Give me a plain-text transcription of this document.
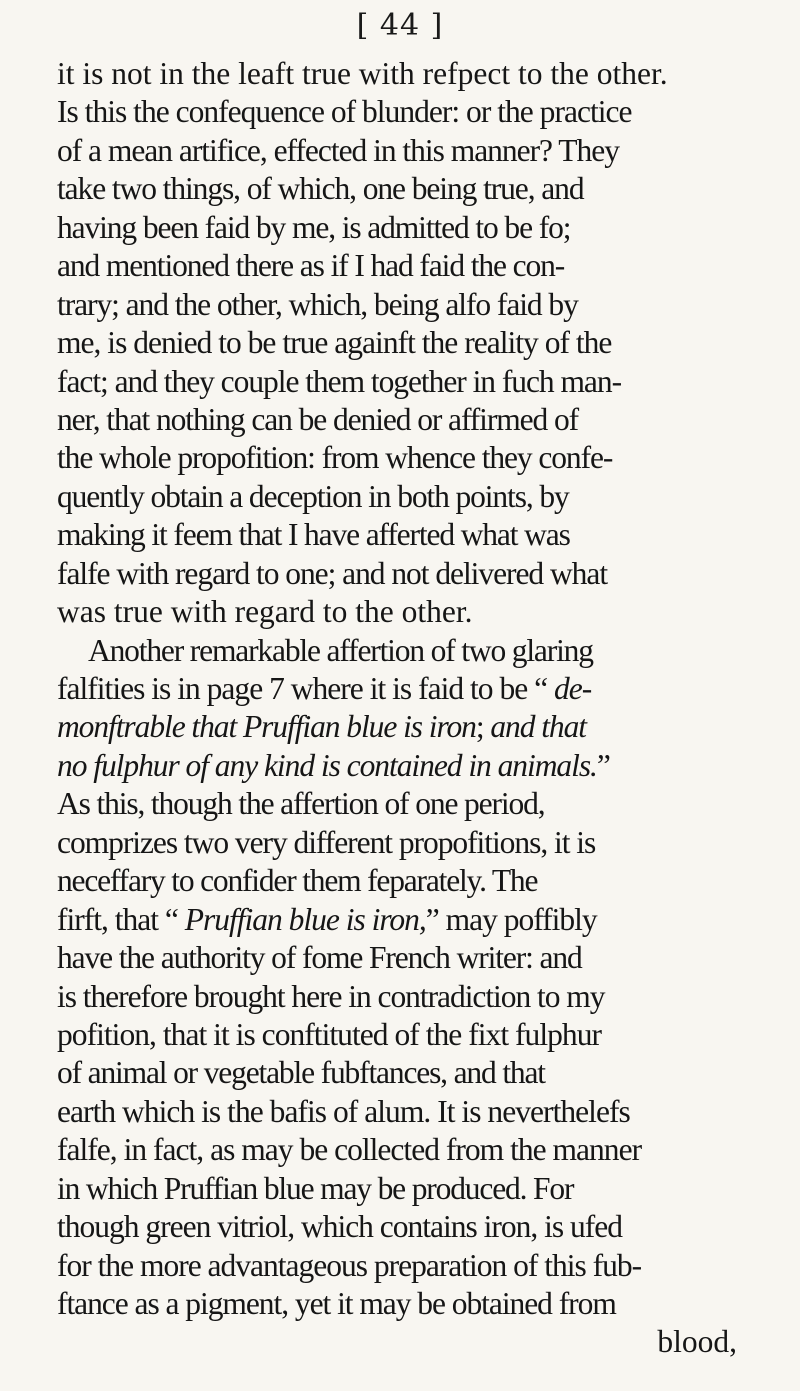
[ 44 ]
it is not in the leaft true with refpect to the other.
Is this the confequence of blunder: or the practice
of a mean artifice, effected in this manner? They
take two things, of which, one being true, and
having been faid by me, is admitted to be fo;
and mentioned there as if I had faid the con-
trary; and the other, which, being alfo faid by
me, is denied to be true againft the reality of the
fact; and they couple them together in fuch man-
ner, that nothing can be denied or affirmed of
the whole propofition: from whence they confe-
quently obtain a deception in both points, by
making it feem that I have afferted what was
falfe with regard to one; and not delivered what
was true with regard to the other.
Another remarkable affertion of two glaring
falfities is in page 7 where it is faid to be “ de-
monftrable that Pruffian blue is iron; and that
no fulphur of any kind is contained in animals.”
As this, though the affertion of one period,
comprizes two very different propofitions, it is
neceffary to confider them feparately. The
firft, that “ Pruffian blue is iron,” may poffibly
have the authority of fome French writer: and
is therefore brought here in contradiction to my
pofition, that it is conftituted of the fixt fulphur
of animal or vegetable fubftances, and that
earth which is the bafis of alum. It is neverthelefs
falfe, in fact, as may be collected from the manner
in which Pruffian blue may be produced. For
though green vitriol, which contains iron, is ufed
for the more advantageous preparation of this fub-
ftance as a pigment, yet it may be obtained from
blood,
